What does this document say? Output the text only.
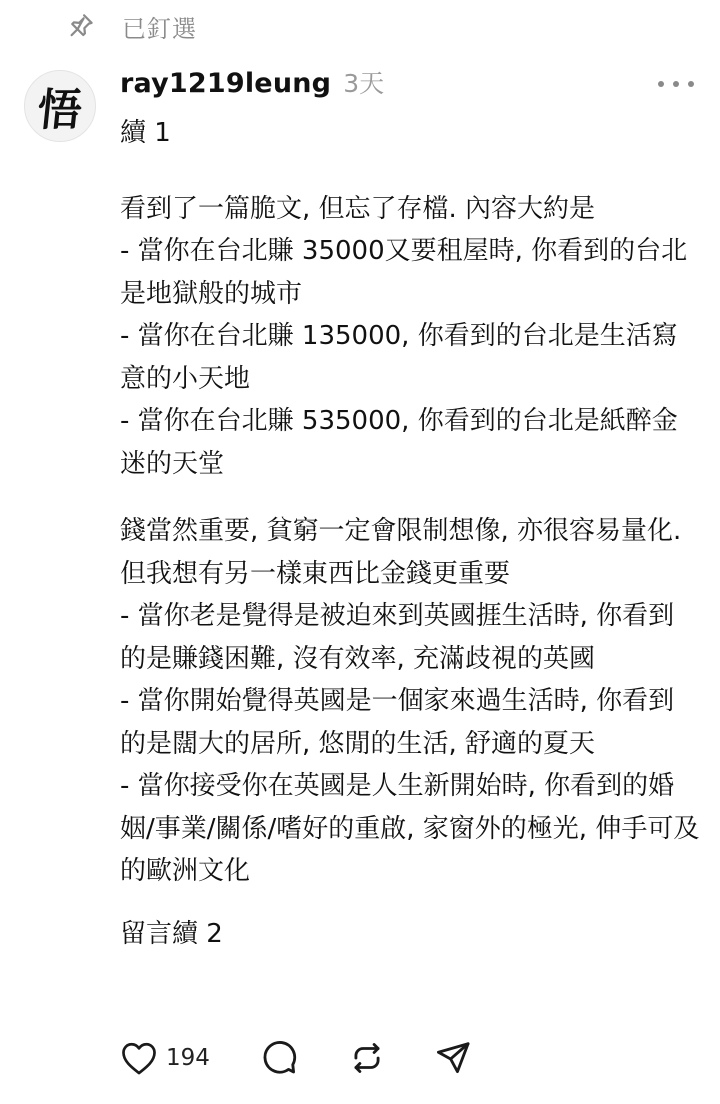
已釘選
悟
ray1219leung 3天

續 1

看到了一篇脆文, 但忘了存檔. 內容大約是

- 當你在台北賺 35000又要租屋時, 你看到的台北是地獄般的城市

- 當你在台北賺 135000, 你看到的台北是生活寫意的小天地

- 當你在台北賺 535000, 你看到的台北是紙醉金迷的天堂

錢當然重要, 貧窮一定會限制想像, 亦很容易量化. 但我想有另一樣東西比金錢更重要

- 當你老是覺得是被迫來到英國捱生活時, 你看到的是賺錢困難, 沒有效率, 充滿歧視的英國

- 當你開始覺得英國是一個家來過生活時, 你看到的是闊大的居所, 悠閒的生活, 舒適的夏天

- 當你接受你在英國是人生新開始時, 你看到的婚姻/事業/關係/嗜好的重啟, 家窗外的極光, 伸手可及的歐洲文化

留言續 2

194
